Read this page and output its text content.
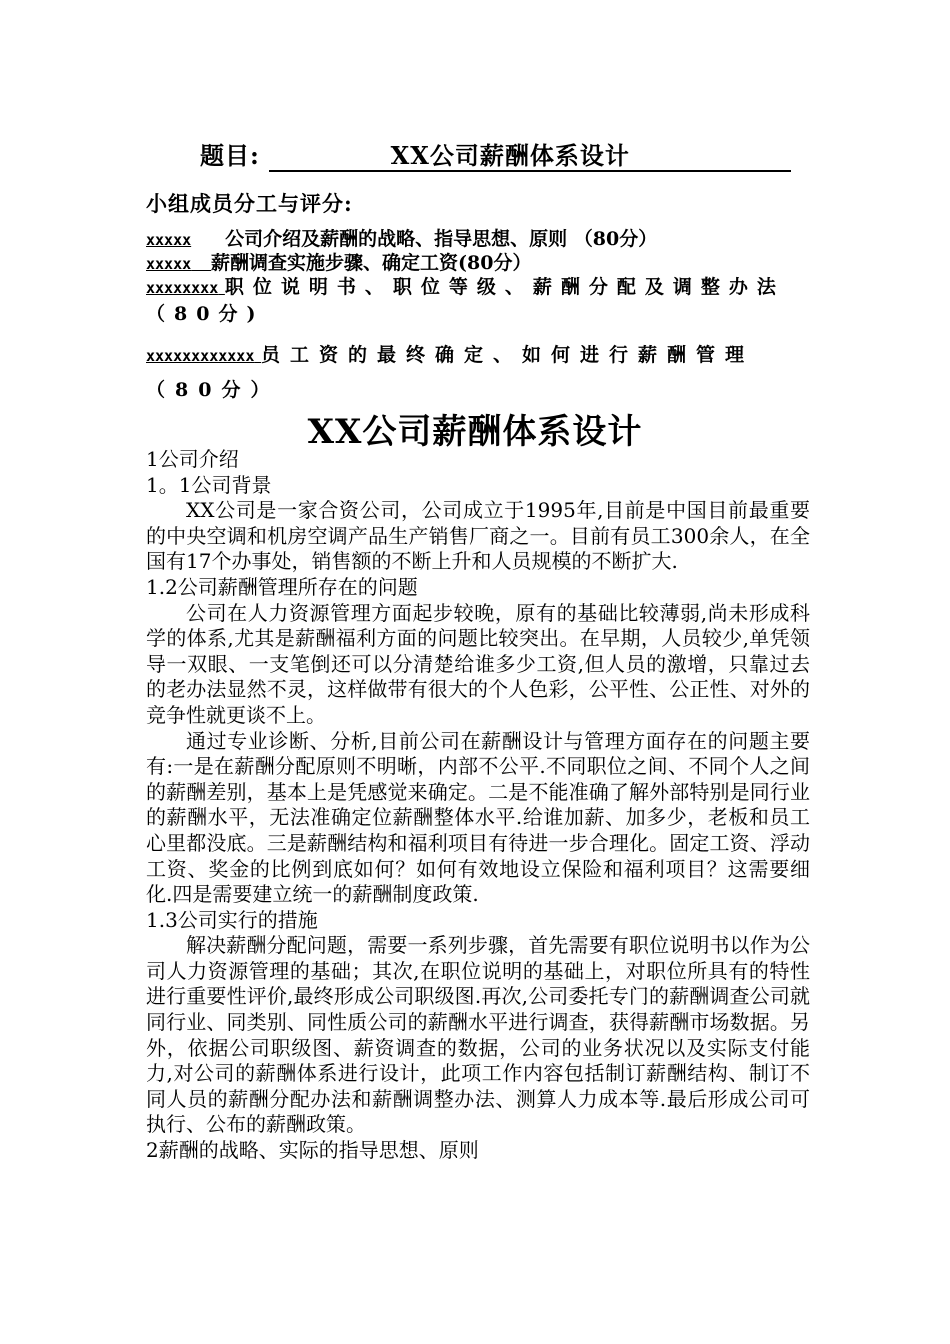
题目:	XX公司薪酬体系设计
小组成员分工与评分:
xxxxx 公司介绍及薪酬的战略、指导思想、原则 （80分）
xxxxx 薪酬调查实施步骤、确定工资(80分）
xxxxxxxx 职位说明书、职位等级、薪酬分配及调整办法（80分)
xxxxxxxxxxxx 员工资的最终确定、如何进行薪酬管理（80分）
XX公司薪酬体系设计

1公司介绍

1。1公司背景

XX公司是一家合资公司，公司成立于1995年,目前是中国目前最重要的中央空调和机房空调产品生产销售厂商之一。目前有员工300余人，在全国有17个办事处，销售额的不断上升和人员规模的不断扩大.

1.2公司薪酬管理所存在的问题

公司在人力资源管理方面起步较晚，原有的基础比较薄弱,尚未形成科学的体系,尤其是薪酬福利方面的问题比较突出。在早期，人员较少,单凭领导一双眼、一支笔倒还可以分清楚给谁多少工资,但人员的激增，只靠过去的老办法显然不灵，这样做带有很大的个人色彩，公平性、公正性、对外的竞争性就更谈不上。

通过专业诊断、分析,目前公司在薪酬设计与管理方面存在的问题主要有:一是在薪酬分配原则不明晰，内部不公平.不同职位之间、不同个人之间的薪酬差别，基本上是凭感觉来确定。二是不能准确了解外部特别是同行业的薪酬水平，无法准确定位薪酬整体水平.给谁加薪、加多少，老板和员工心里都没底。三是薪酬结构和福利项目有待进一步合理化。固定工资、浮动工资、奖金的比例到底如何？如何有效地设立保险和福利项目？这需要细化.四是需要建立统一的薪酬制度政策.

1.3公司实行的措施

解决薪酬分配问题，需要一系列步骤，首先需要有职位说明书以作为公司人力资源管理的基础；其次,在职位说明的基础上，对职位所具有的特性进行重要性评价,最终形成公司职级图.再次,公司委托专门的薪酬调查公司就同行业、同类别、同性质公司的薪酬水平进行调查，获得薪酬市场数据。另外，依据公司职级图、薪资调查的数据，公司的业务状况以及实际支付能力,对公司的薪酬体系进行设计，此项工作内容包括制订薪酬结构、制订不同人员的薪酬分配办法和薪酬调整办法、测算人力成本等.最后形成公司可执行、公布的薪酬政策。

2薪酬的战略、实际的指导思想、原则
